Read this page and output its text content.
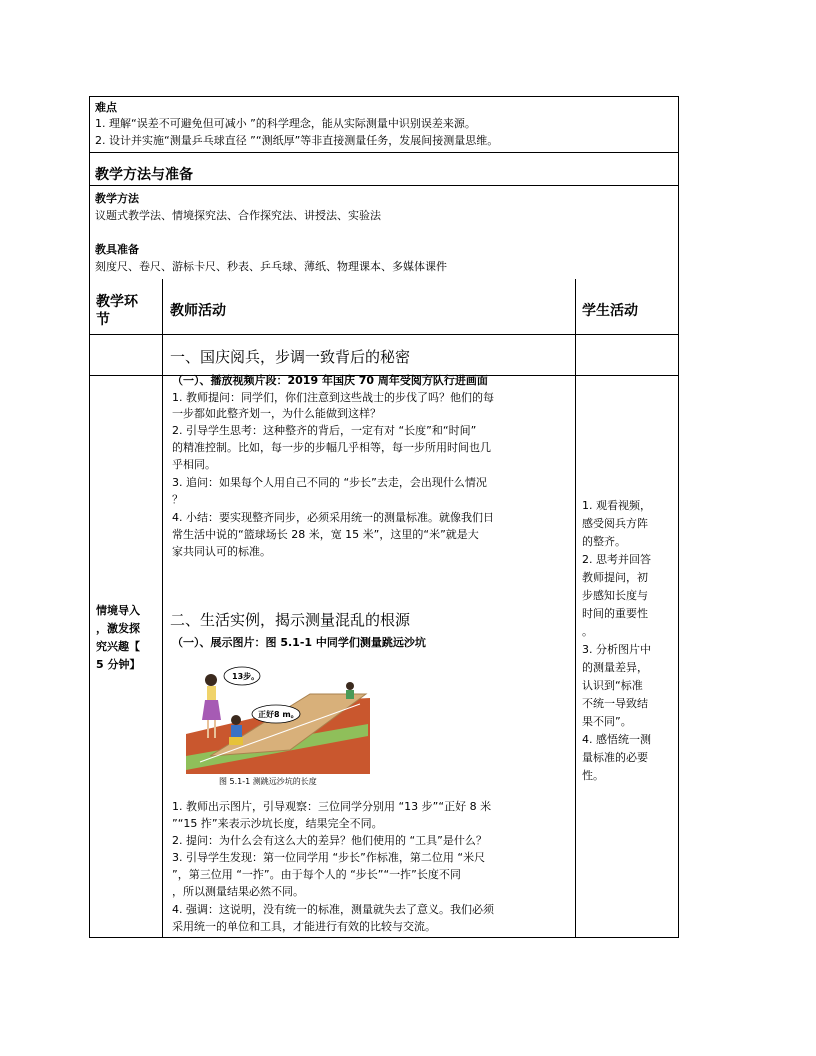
难点
1. 理解“误差不可避免但可减小 ”的科学理念，能从实际测量中识别误差来源。
2. 设计并实施“测量乒乓球直径 ”“测纸厚”等非直接测量任务，发展间接测量思维。
教学方法与准备
教学方法
议题式教学法、情境探究法、合作探究法、讲授法、实验法
教具准备
刻度尺、卷尺、游标卡尺、秒表、乒乓球、薄纸、物理课本、多媒体课件
教学环
节
教师活动	学生活动
情境导入
，激发探
究兴趣【
5 分钟】
一、国庆阅兵，步调一致背后的秘密
（一）、播放视频片段：2019 年国庆 70 周年受阅方队行进画面
1. 教师提问：同学们，你们注意到这些战士的步伐了吗？他们的每
一步都如此整齐划一，为什么能做到这样？
2. 引导学生思考：这种整齐的背后，一定有对 “长度”和“时间”
的精准控制。比如，每一步的步幅几乎相等，每一步所用时间也几
乎相同。
3. 追问：如果每个人用自己不同的 “步长”去走，会出现什么情况
？
4. 小结：要实现整齐同步，必须采用统一的测量标准。就像我们日
常生活中说的“篮球场长 28 米，宽 15 米”，这里的“米”就是大
家共同认可的标准。
二、生活实例，揭示测量混乱的根源
（一）、展示图片：图 5.1-1 中同学们测量跳远沙坑
13步。
正好8 m。
图 5.1-1 测跳远沙坑的长度
1. 教师出示图片，引导观察：三位同学分别用 “13 步”“正好 8 米
”“15 拃”来表示沙坑长度，结果完全不同。
2. 提问：为什么会有这么大的差异？他们使用的 “工具”是什么？
3. 引导学生发现：第一位同学用 “步长”作标准，第二位用 “米尺
”，第三位用 “一拃”。由于每个人的 “步长”“一拃”长度不同
，所以测量结果必然不同。
4. 强调：这说明，没有统一的标准，测量就失去了意义。我们必须
采用统一的单位和工具，才能进行有效的比较与交流。
1. 观看视频，
感受阅兵方阵
的整齐。
2. 思考并回答
教师提问，初
步感知长度与
时间的重要性
。
3. 分析图片中
的测量差异，
认识到“标准
不统一导致结
果不同”。
4. 感悟统一测
量标准的必要
性。
